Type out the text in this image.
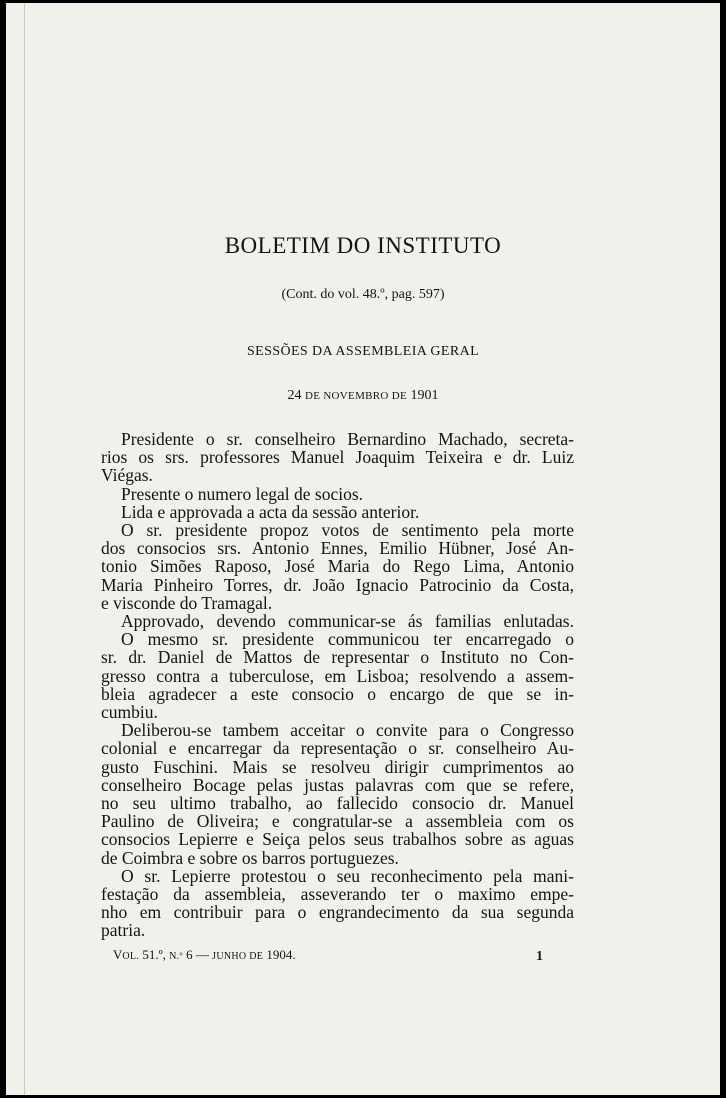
BOLETIM DO INSTITUTO
(Cont. do vol. 48.º, pag. 597)
SESSÕES DA ASSEMBLEIA GERAL
24 DE NOVEMBRO DE 1901
Presidente o sr. conselheiro Bernardino Machado, secreta-
rios os srs. professores Manuel Joaquim Teixeira e dr. Luiz
Viégas.
Presente o numero legal de socios.
Lida e approvada a acta da sessão anterior.
O sr. presidente propoz votos de sentimento pela morte
dos consocios srs. Antonio Ennes, Emilio Hübner, José An-
tonio Simões Raposo, José Maria do Rego Lima, Antonio
Maria Pinheiro Torres, dr. João Ignacio Patrocinio da Costa,
e visconde do Tramagal.
Approvado, devendo communicar-se ás familias enlutadas.
O mesmo sr. presidente communicou ter encarregado o
sr. dr. Daniel de Mattos de representar o Instituto no Con-
gresso contra a tuberculose, em Lisboa; resolvendo a assem-
bleia agradecer a este consocio o encargo de que se in-
cumbiu.
Deliberou-se tambem acceitar o convite para o Congresso
colonial e encarregar da representação o sr. conselheiro Au-
gusto Fuschini. Mais se resolveu dirigir cumprimentos ao
conselheiro Bocage pelas justas palavras com que se refere,
no seu ultimo trabalho, ao fallecido consocio dr. Manuel
Paulino de Oliveira; e congratular-se a assembleia com os
consocios Lepierre e Seiça pelos seus trabalhos sobre as aguas
de Coimbra e sobre os barros portuguezes.
O sr. Lepierre protestou o seu reconhecimento pela mani-
festação da assembleia, asseverando ter o maximo empe-
nho em contribuir para o engrandecimento da sua segunda
patria.
VOL. 51.º, N.º 6 — JUNHO DE 1904.	1
